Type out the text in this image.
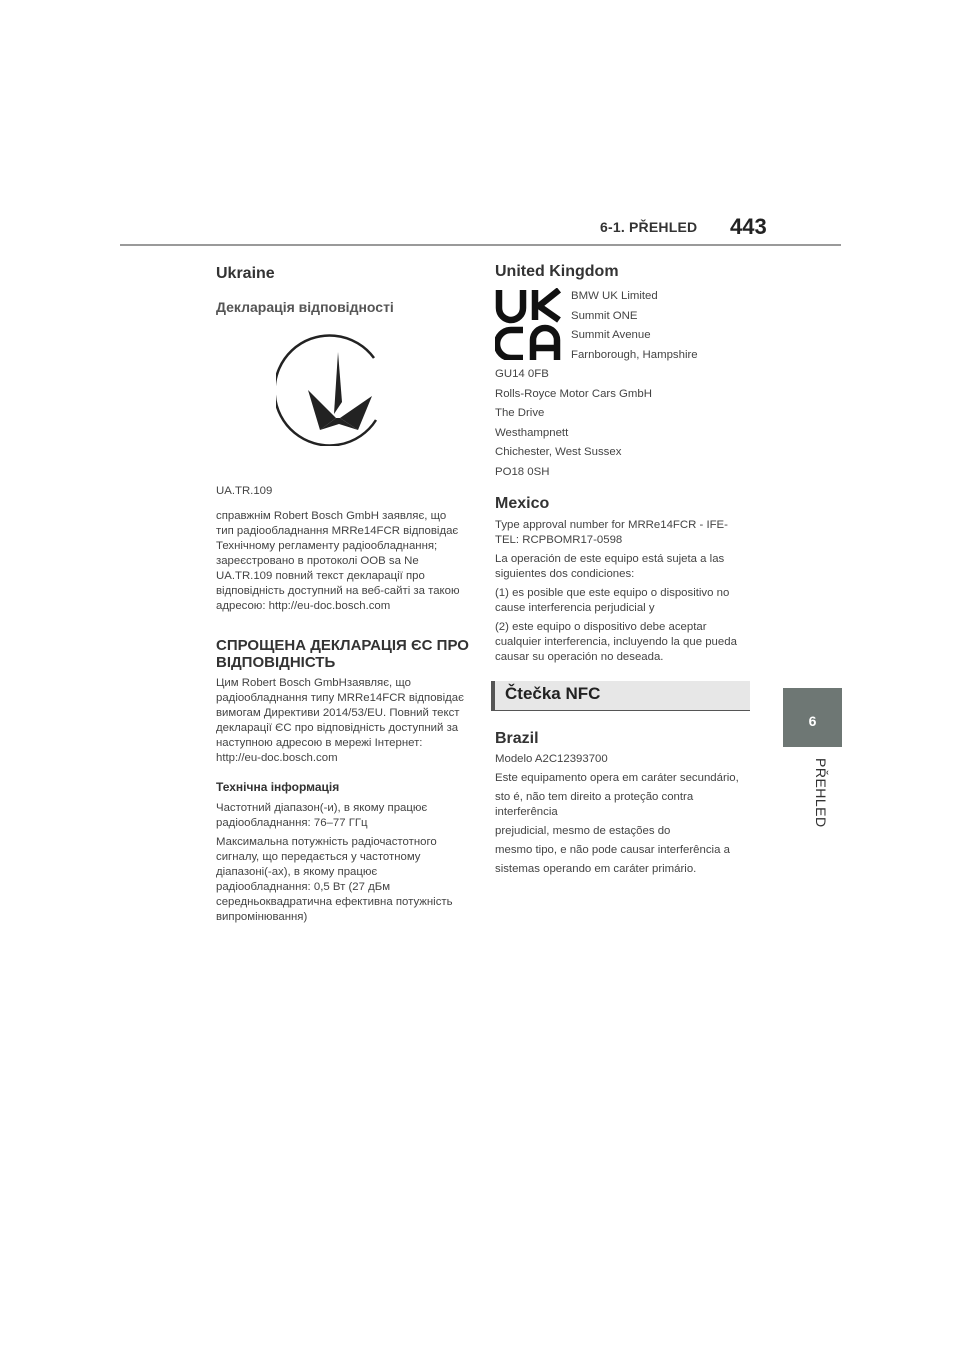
6-1. PŘEHLED 443
6
PŘEHLED
Ukraine
Декларація відповідності

UA.TR.109

справжнім Robert Bosch GmbH заявляє, що тип радіообладнання MRRe14FCR відповідає Технічному регламенту радіообладнання; зареєстровано в протоколі OOB sa Ne UA.TR.109 повний текст декларації про відповідність доступний на веб-сайті за такою адресою: http://eu-doc.bosch.com

СПРОЩЕНА ДЕКЛАРАЦІЯ ЄС ПРО ВІДПОВІДНІСТЬ

Цим Robert Bosch GmbHзаявляє, що радіообладнання типу MRRe14FCR відповідає вимогам Директиви 2014/53/EU. Повний текст декларації ЄС про відповідність доступний за наступною адресою в мережі Інтернет: http://eu-doc.bosch.com

Технічна інформація

Частотний діапазон(-и), в якому працює радіообладнання: 76–77 ГГц

Максимальна потужність радіочастотного сигналу, що передається у частотному діапазоні(-ах), в якому працює радіообладнання: 0,5 Вт (27 дБм середньоквадратична ефективна потужність випромінювання)

United Kingdom
BMW UK Limited
Summit ONE
Summit Avenue
Farnborough, Hampshire
GU14 0FB
Rolls-Royce Motor Cars GmbH
The Drive
Westhampnett
Chichester, West Sussex
PO18 0SH
Mexico

Type approval number for MRRe14FCR - IFE-TEL: RCPBOMR17-0598

La operación de este equipo está sujeta a las siguientes dos condiciones:

(1) es posible que este equipo o dispositivo no cause interferencia perjudicial y

(2) este equipo o dispositivo debe aceptar cualquier interferencia, incluyendo la que pueda causar su operación no deseada.

Čtečka NFC
Brazil

Modelo A2C12393700

Este equipamento opera em caráter secundário,

sto é, não tem direito a proteção contra interferência

prejudicial, mesmo de estações do

mesmo tipo, e não pode causar interferência a

sistemas operando em caráter primário.
